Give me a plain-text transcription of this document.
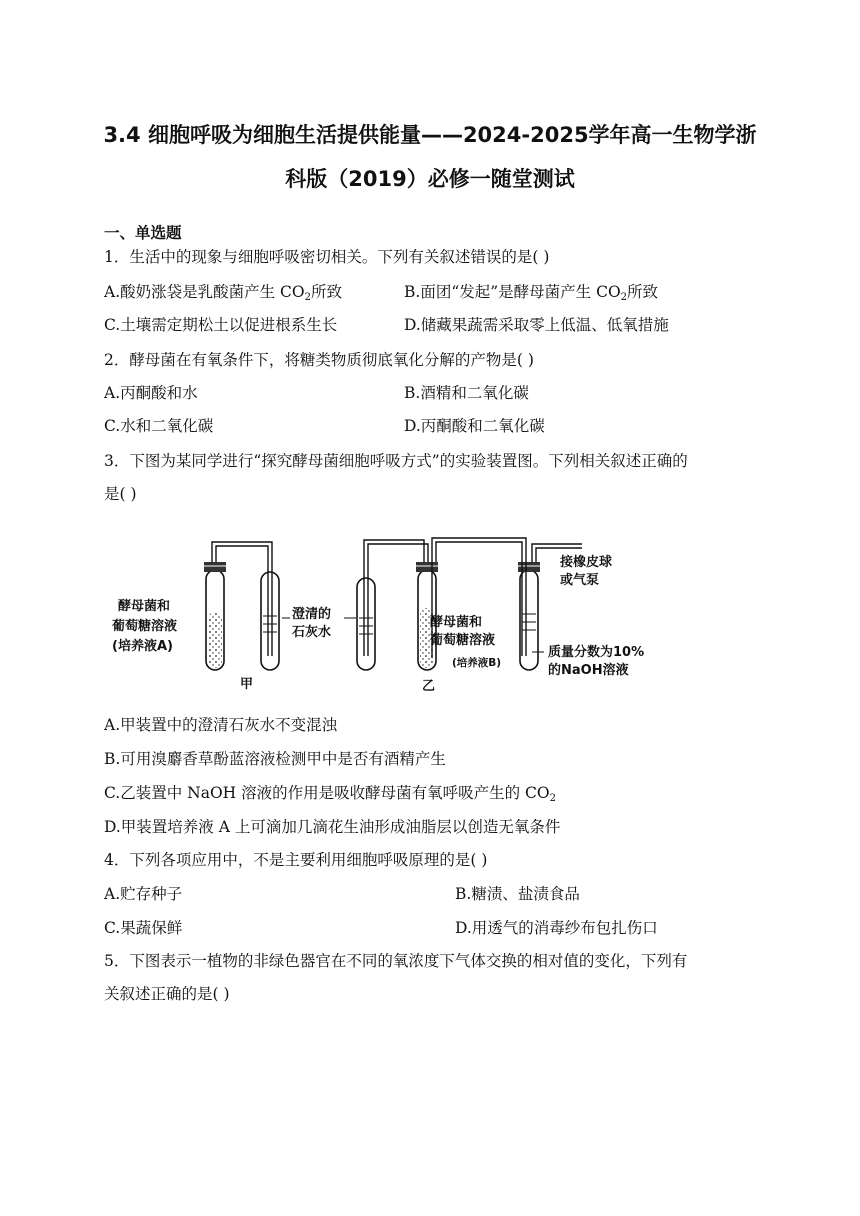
3.4 细胞呼吸为细胞生活提供能量——2024-2025学年高一生物学浙
科版（2019）必修一随堂测试
一、单选题
1．生活中的现象与细胞呼吸密切相关。下列有关叙述错误的是( )
A.酸奶涨袋是乳酸菌产生 $CO_2$所致	B.面团“发起”是酵母菌产生 $CO_2$所致
C.土壤需定期松土以促进根系生长	D.储藏果蔬需采取零上低温、低氧措施
2．酵母菌在有氧条件下，将糖类物质彻底氧化分解的产物是( )
A.丙酮酸和水	B.酒精和二氧化碳
C.水和二氧化碳	D.丙酮酸和二氧化碳
3．下图为某同学进行“探究酵母菌细胞呼吸方式”的实验装置图。下列相关叙述正确的
是( )
酵母菌和
葡萄糖溶液
(培养液A)
澄清的
石灰水
甲	乙
酵母菌和
葡萄糖溶液
(培养液B)
接橡皮球
或气泵
质量分数为10%
的NaOH溶液
A.甲装置中的澄清石灰水不变混浊
B.可用溴麝香草酚蓝溶液检测甲中是否有酒精产生
C.乙装置中 NaOH 溶液的作用是吸收酵母菌有氧呼吸产生的 $CO_2$
D.甲装置培养液 A 上可滴加几滴花生油形成油脂层以创造无氧条件
4．下列各项应用中，不是主要利用细胞呼吸原理的是( )
A.贮存种子	B.糖渍、盐渍食品
C.果蔬保鲜	D.用透气的消毒纱布包扎伤口
5．下图表示一植物的非绿色器官在不同的氧浓度下气体交换的相对值的变化，下列有
关叙述正确的是( )
